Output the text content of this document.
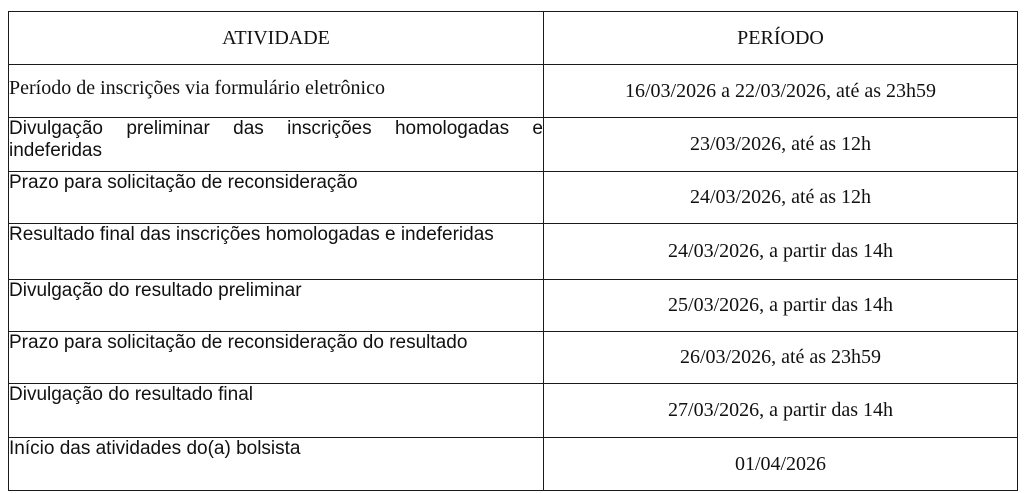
ATIVIDADE	PERÍODO
Período de inscrições via formulário eletrônico	16/03/2026 a 22/03/2026, até as 23h59
Divulgação preliminar das inscrições homologadas e indeferidas	23/03/2026, até as 12h
Prazo para solicitação de reconsideração	24/03/2026, até as 12h
Resultado final das inscrições homologadas e indeferidas	24/03/2026, a partir das 14h
Divulgação do resultado preliminar	25/03/2026, a partir das 14h
Prazo para solicitação de reconsideração do resultado	26/03/2026, até as 23h59
Divulgação do resultado final	27/03/2026, a partir das 14h
Início das atividades do(a) bolsista	01/04/2026
